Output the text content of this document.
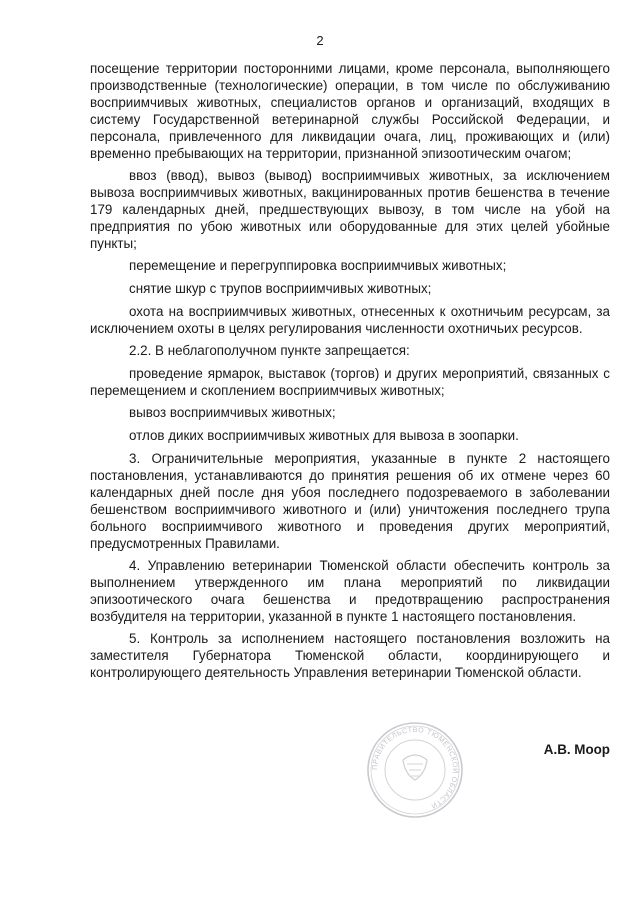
2

посещение территории посторонними лицами, кроме персонала, выполняющего производственные (технологические) операции, в том числе по обслуживанию восприимчивых животных, специалистов органов и организаций, входящих в систему Государственной ветеринарной службы Российской Федерации, и персонала, привлеченного для ликвидации очага, лиц, проживающих и (или) временно пребывающих на территории, признанной эпизоотическим очагом;

ввоз (ввод), вывоз (вывод) восприимчивых животных, за исключением вывоза восприимчивых животных, вакцинированных против бешенства в течение 179 календарных дней, предшествующих вывозу, в том числе на убой на предприятия по убою животных или оборудованные для этих целей убойные пункты;

перемещение и перегруппировка восприимчивых животных;

снятие шкур с трупов восприимчивых животных;

охота на восприимчивых животных, отнесенных к охотничьим ресурсам, за исключением охоты в целях регулирования численности охотничьих ресурсов.

2.2. В неблагополучном пункте запрещается:

проведение ярмарок, выставок (торгов) и других мероприятий, связанных с перемещением и скоплением восприимчивых животных;

вывоз восприимчивых животных;

отлов диких восприимчивых животных для вывоза в зоопарки.

3. Ограничительные мероприятия, указанные в пункте 2 настоящего постановления, устанавливаются до принятия решения об их отмене через 60 календарных дней после дня убоя последнего подозреваемого в заболевании бешенством восприимчивого животного и (или) уничтожения последнего трупа больного восприимчивого животного и проведения других мероприятий, предусмотренных Правилами.

4. Управлению ветеринарии Тюменской области обеспечить контроль за выполнением утвержденного им плана мероприятий по ликвидации эпизоотического очага бешенства и предотвращению распространения возбудителя на территории, указанной в пункте 1 настоящего постановления.

5. Контроль за исполнением настоящего постановления возложить на заместителя Губернатора Тюменской области, координирующего и контролирующего деятельность Управления ветеринарии Тюменской области.

ПРАВИТЕЛЬСТВО ТЮМЕНСКОЙ ОБЛАСТИ
А.В. Моор
